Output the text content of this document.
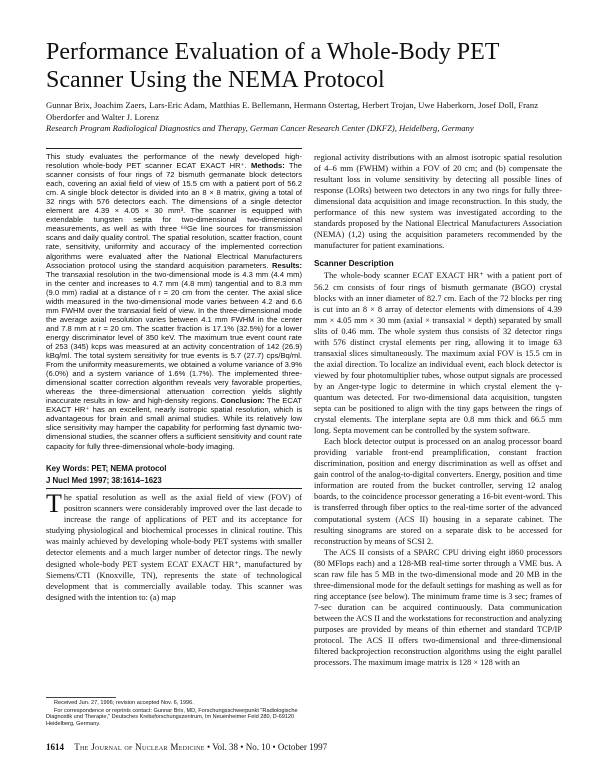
Performance Evaluation of a Whole-Body PET Scanner Using the NEMA Protocol
Gunnar Brix, Joachim Zaers, Lars-Eric Adam, Matthias E. Bellemann, Hermann Ostertag, Herbert Trojan, Uwe Haberkorn, Josef Doll, Franz Oberdorfer and Walter J. Lorenz
Research Program Radiological Diagnostics and Therapy, German Cancer Research Center (DKFZ), Heidelberg, Germany

This study evaluates the performance of the newly developed high-resolution whole-body PET scanner ECAT EXACT HR⁺. Methods: The scanner consists of four rings of 72 bismuth germanate block detectors each, covering an axial field of view of 15.5 cm with a patient port of 56.2 cm. A single block detector is divided into an 8 × 8 matrix, giving a total of 32 rings with 576 detectors each. The dimensions of a single detector element are 4.39 × 4.05 × 30 mm³. The scanner is equipped with extendable tungsten septa for two-dimensional two-dimensional measurements, as well as with three ⁶⁸Ge line sources for transmission scans and daily quality control. The spatial resolution, scatter fraction, count rate, sensitivity, uniformity and accuracy of the implemented correction algorithms were evaluated after the National Electrical Manufacturers Association protocol using the standard acquisition parameters. Results: The transaxial resolution in the two-dimensional mode is 4.3 mm (4.4 mm) in the center and increases to 4.7 mm (4.8 mm) tangential and to 8.3 mm (9.0 mm) radial at a distance of r = 20 cm from the center. The axial slice width measured in the two-dimensional mode varies between 4.2 and 6.6 mm FWHM over the transaxial field of view. In the three-dimensional mode the average axial resolution varies between 4.1 mm FWHM in the center and 7.8 mm at r = 20 cm. The scatter fraction is 17.1% (32.5%) for a lower energy discriminator level of 350 keV. The maximum true event count rate of 253 (345) kcps was measured at an activity concentration of 142 (26.9) kBq/ml. The total system sensitivity for true events is 5.7 (27.7) cps/Bq/ml. From the uniformity measurements, we obtained a volume variance of 3.9% (6.0%) and a system variance of 1.6% (1.7%). The implemented three-dimensional scatter correction algorithm reveals very favorable properties, whereas the three-dimensional attenuation correction yields slightly inaccurate results in low- and high-density regions. Conclusion: The ECAT EXACT HR⁺ has an excellent, nearly isotropic spatial resolution, which is advantageous for brain and small animal studies. While its relatively low slice sensitivity may hamper the capability for performing fast dynamic two-dimensional studies, the scanner offers a sufficient sensitivity and count rate capacity for fully three-dimensional whole-body imaging.

Key Words: PET; NEMA protocol
J Nucl Med 1997; 38:1614–1623

The spatial resolution as well as the axial field of view (FOV) of positron scanners were considerably improved over the last decade to increase the range of applications of PET and its acceptance for studying physiological and biochemical processes in clinical routine. This was mainly achieved by developing whole-body PET systems with smaller detector elements and a much larger number of detector rings. The newly designed whole-body PET system ECAT EXACT HR⁺, manufactured by Siemens/CTI (Knoxville, TN), represents the state of technological development that is commercially available today. This scanner was designed with the intention to: (a) map

Received Jun. 27, 1996; revision accepted Nov. 6, 1996.

For correspondence or reprints contact: Gunnar Brix, MD, Forschungsschwerpunkt "Radiologische Diagnostik und Therapie," Deutsches Krebsforschungszentrum, Im Neuenheimer Feld 280, D-69120 Heidelberg, Germany.

regional activity distributions with an almost isotropic spatial resolution of 4–6 mm (FWHM) within a FOV of 20 cm; and (b) compensate the resultant loss in volume sensitivity by detecting all possible lines of response (LORs) between two detectors in any two rings for fully three-dimensional data acquisition and image reconstruction. In this study, the performance of this new system was investigated according to the standards proposed by the National Electrical Manufacturers Association (NEMA) (1,2) using the acquisition parameters recommended by the manufacturer for patient examinations.

Scanner Description

The whole-body scanner ECAT EXACT HR⁺ with a patient port of 56.2 cm consists of four rings of bismuth germanate (BGO) crystal blocks with an inner diameter of 82.7 cm. Each of the 72 blocks per ring is cut into an 8 × 8 array of detector elements with dimensions of 4.39 mm × 4.05 mm × 30 mm (axial × transaxial × depth) separated by small slits of 0.46 mm. The whole system thus consists of 32 detector rings with 576 distinct crystal elements per ring, allowing it to image 63 transaxial slices simultaneously. The maximum axial FOV is 15.5 cm in the axial direction. To localize an individual event, each block detector is viewed by four photomultiplier tubes, whose output signals are processed by an Anger-type logic to determine in which crystal element the γ-quantum was detected. For two-dimensional data acquisition, tungsten septa can be positioned to align with the tiny gaps between the rings of crystal elements. The interplane septa are 0.8 mm thick and 66.5 mm long. Septa movement can be controlled by the system software.

Each block detector output is processed on an analog processor board providing variable front-end preamplification, constant fraction discrimination, position and energy discrimination as well as offset and gain control of the analog-to-digital converters. Energy, position and time information are routed from the bucket controller, serving 12 analog boards, to the coincidence processor generating a 16-bit event-word. This is transferred through fiber optics to the real-time sorter of the advanced computational system (ACS II) housing in a separate cabinet. The resulting sinograms are stored on a separate disk to be accessed for reconstruction by means of SCSI 2.

The ACS II consists of a SPARC CPU driving eight i860 processors (80 MFlops each) and a 128-MB real-time sorter through a VME bus. A scan raw file has 5 MB in the two-dimensional mode and 20 MB in the three-dimensional mode for the default settings for mashing as well as for ring acceptance (see below). The minimum frame time is 3 sec; frames of 7-sec duration can be acquired continuously. Data communication between the ACS II and the workstations for reconstruction and analyzing purposes are provided by means of thin ethernet and standard TCP/IP protocol. The ACS II offers two-dimensional and three-dimensional filtered backprojection reconstruction algorithms using the eight parallel processors. The maximum image matrix is 128 × 128 with an

1614 The Journal of Nuclear Medicine • Vol. 38 • No. 10 • October 1997
